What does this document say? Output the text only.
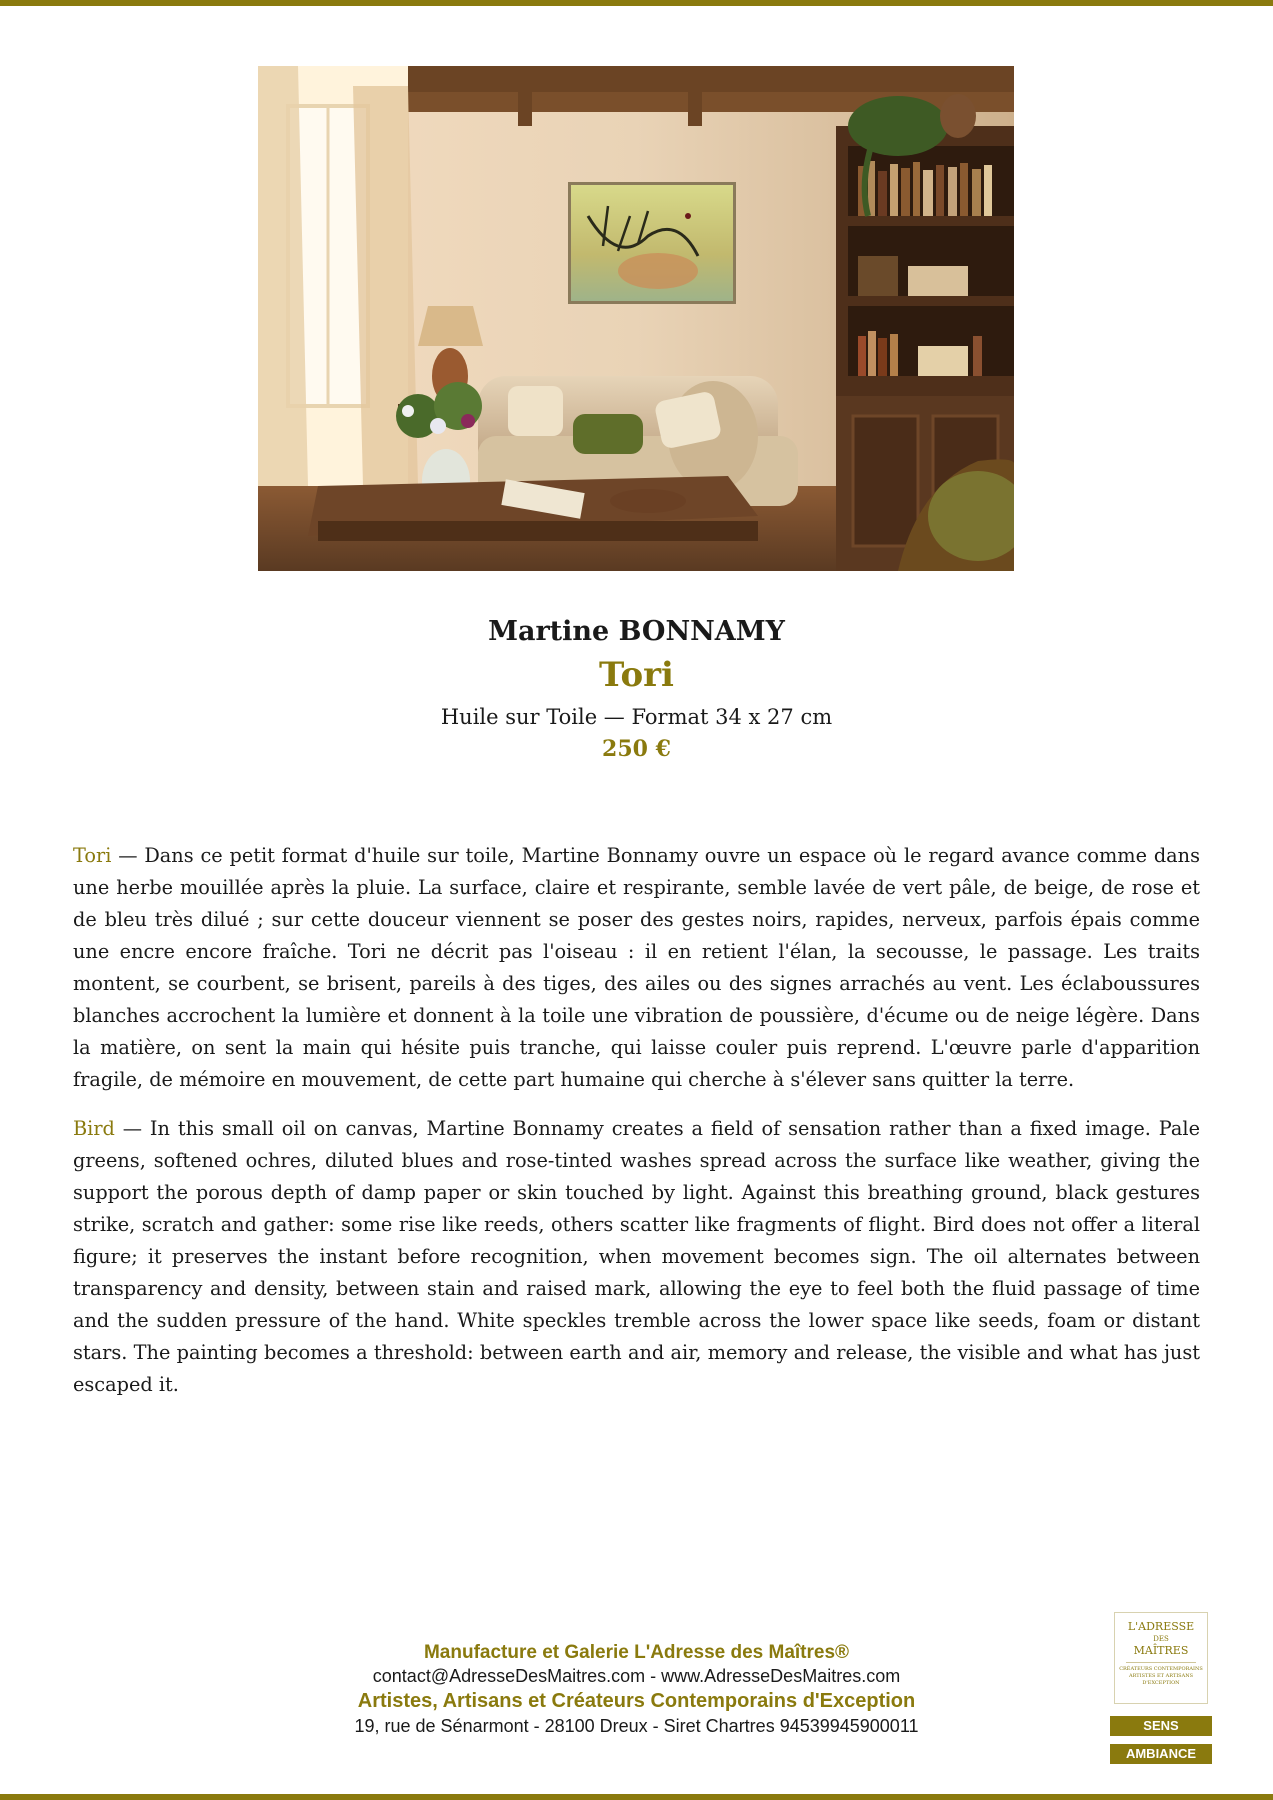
Martine BONNAMY
Tori
Huile sur Toile — Format 34 x 27 cm
250 €

Tori — Dans ce petit format d'huile sur toile, Martine Bonnamy ouvre un espace où le regard avance comme dans une herbe mouillée après la pluie. La surface, claire et respirante, semble lavée de vert pâle, de beige, de rose et de bleu très dilué ; sur cette douceur viennent se poser des gestes noirs, rapides, nerveux, parfois épais comme une encre encore fraîche. Tori ne décrit pas l'oiseau : il en retient l'élan, la secousse, le passage. Les traits montent, se courbent, se brisent, pareils à des tiges, des ailes ou des signes arrachés au vent. Les éclaboussures blanches accrochent la lumière et donnent à la toile une vibration de poussière, d'écume ou de neige légère. Dans la matière, on sent la main qui hésite puis tranche, qui laisse couler puis reprend. L'œuvre parle d'apparition fragile, de mémoire en mouvement, de cette part humaine qui cherche à s'élever sans quitter la terre.

Bird — In this small oil on canvas, Martine Bonnamy creates a field of sensation rather than a fixed image. Pale greens, softened ochres, diluted blues and rose-tinted washes spread across the surface like weather, giving the support the porous depth of damp paper or skin touched by light. Against this breathing ground, black gestures strike, scratch and gather: some rise like reeds, others scatter like fragments of flight. Bird does not offer a literal figure; it preserves the instant before recognition, when movement becomes sign. The oil alternates between transparency and density, between stain and raised mark, allowing the eye to feel both the fluid passage of time and the sudden pressure of the hand. White speckles tremble across the lower space like seeds, foam or distant stars. The painting becomes a threshold: between earth and air, memory and release, the visible and what has just escaped it.

Manufacture et Galerie L'Adresse des Maîtres®
contact@AdresseDesMaitres.com - www.AdresseDesMaitres.com
Artistes, Artisans et Créateurs Contemporains d'Exception
19, rue de Sénarmont - 28100 Dreux - Siret Chartres 94539945900011
L'ADRESSE
DES
MAÎTRES
CRÉATEURS CONTEMPORAINS ARTISTES ET ARTISANS D'EXCEPTION
SENS
AMBIANCE
